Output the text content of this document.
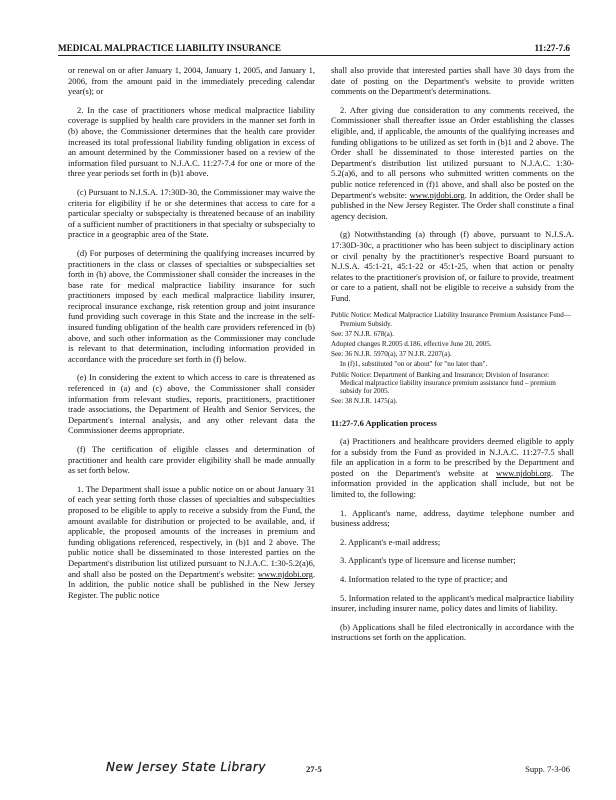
MEDICAL MALPRACTICE LIABILITY INSURANCE	11:27-7.6

or renewal on or after January 1, 2004, January 1, 2005, and January 1, 2006, from the amount paid in the immediately preceding calendar year(s); or

2. In the case of practitioners whose medical malpractice liability coverage is supplied by health care providers in the manner set forth in (b) above, the Commissioner determines that the health care provider increased its total professional liability funding obligation in excess of an amount determined by the Commissioner based on a review of the information filed pursuant to N.J.A.C. 11:27-7.4 for one or more of the three year periods set forth in (b)1 above.

(c) Pursuant to N.J.S.A. 17:30D-30, the Commissioner may waive the criteria for eligibility if he or she determines that access to care for a particular specialty or subspecialty is threatened because of an inability of a sufficient number of practitioners in that specialty or subspecialty to practice in a geographic area of the State.

(d) For purposes of determining the qualifying increases incurred by practitioners in the class or classes of specialties or subspecialties set forth in (b) above, the Commissioner shall consider the increases in the base rate for medical malpractice liability insurance for such practitioners imposed by each medical malpractice liability insurer, reciprocal insurance exchange, risk retention group and joint insurance fund providing such coverage in this State and the increase in the self-insured funding obligation of the health care providers referenced in (b) above, and such other information as the Commissioner may conclude is relevant to that determination, including information provided in accordance with the procedure set forth in (f) below.

(e) In considering the extent to which access to care is threatened as referenced in (a) and (c) above, the Commissioner shall consider information from relevant studies, reports, practitioners, practitioner trade associations, the Department of Health and Senior Services, the Department's internal analysis, and any other relevant data the Commissioner deems appropriate.

(f) The certification of eligible classes and determination of practitioner and health care provider eligibility shall be made annually as set forth below.

1. The Department shall issue a public notice on or about January 31 of each year setting forth those classes of specialties and subspecialties proposed to be eligible to apply to receive a subsidy from the Fund, the amount available for distribution or projected to be available, and, if applicable, the proposed amounts of the increases in premium and funding obligations referenced, respectively, in (b)1 and 2 above. The public notice shall be disseminated to those interested parties on the Department's distribution list utilized pursuant to N.J.A.C. 1:30-5.2(a)6, and shall also be posted on the Department's website: www.njdobi.org. In addition, the public notice shall be published in the New Jersey Register. The public notice

shall also provide that interested parties shall have 30 days from the date of posting on the Department's website to provide written comments on the Department's determinations.

2. After giving due consideration to any comments received, the Commissioner shall thereafter issue an Order establishing the classes eligible, and, if applicable, the amounts of the qualifying increases and funding obligations to be utilized as set forth in (b)1 and 2 above. The Order shall be disseminated to those interested parties on the Department's distribution list utilized pursuant to N.J.A.C. 1:30-5.2(a)6, and to all persons who submitted written comments on the public notice referenced in (f)1 above, and shall also be posted on the Department's website: www.njdobi.org. In addition, the Order shall be published in the New Jersey Register. The Order shall constitute a final agency decision.

(g) Notwithstanding (a) through (f) above, pursuant to N.J.S.A. 17:30D-30c, a practitioner who has been subject to disciplinary action or civil penalty by the practitioner's respective Board pursuant to N.J.S.A. 45:1-21, 45:1-22 or 45:1-25, when that action or penalty relates to the practitioner's provision of, or failure to provide, treatment or care to a patient, shall not be eligible to receive a subsidy from the Fund.

Public Notice: Medical Malpractice Liability Insurance Premium Assistance Fund—Premium Subsidy.

See: 37 N.J.R. 678(a).

Adopted changes R.2005 d.186, effective June 20, 2005.

See: 36 N.J.R. 5970(a), 37 N.J.R. 2207(a).

In (f)1, substituted "on or about" for "no later than".

Public Notice: Department of Banking and Insurance; Division of Insurance: Medical malpractice liability insurance premium assistance fund – premium subsidy for 2005.

See: 38 N.J.R. 1475(a).

11:27-7.6 Application process

(a) Practitioners and healthcare providers deemed eligible to apply for a subsidy from the Fund as provided in N.J.A.C. 11:27-7.5 shall file an application in a form to be prescribed by the Department and posted on the Department's website at www.njdobi.org. The information provided in the application shall include, but not be limited to, the following:

1. Applicant's name, address, daytime telephone number and business address;

2. Applicant's e-mail address;

3. Applicant's type of licensure and license number;

4. Information related to the type of practice; and

5. Information related to the applicant's medical malpractice liability insurer, including insurer name, policy dates and limits of liability.

(b) Applications shall be filed electronically in accordance with the instructions set forth on the application.

New Jersey State Library	27-5	Supp. 7-3-06
